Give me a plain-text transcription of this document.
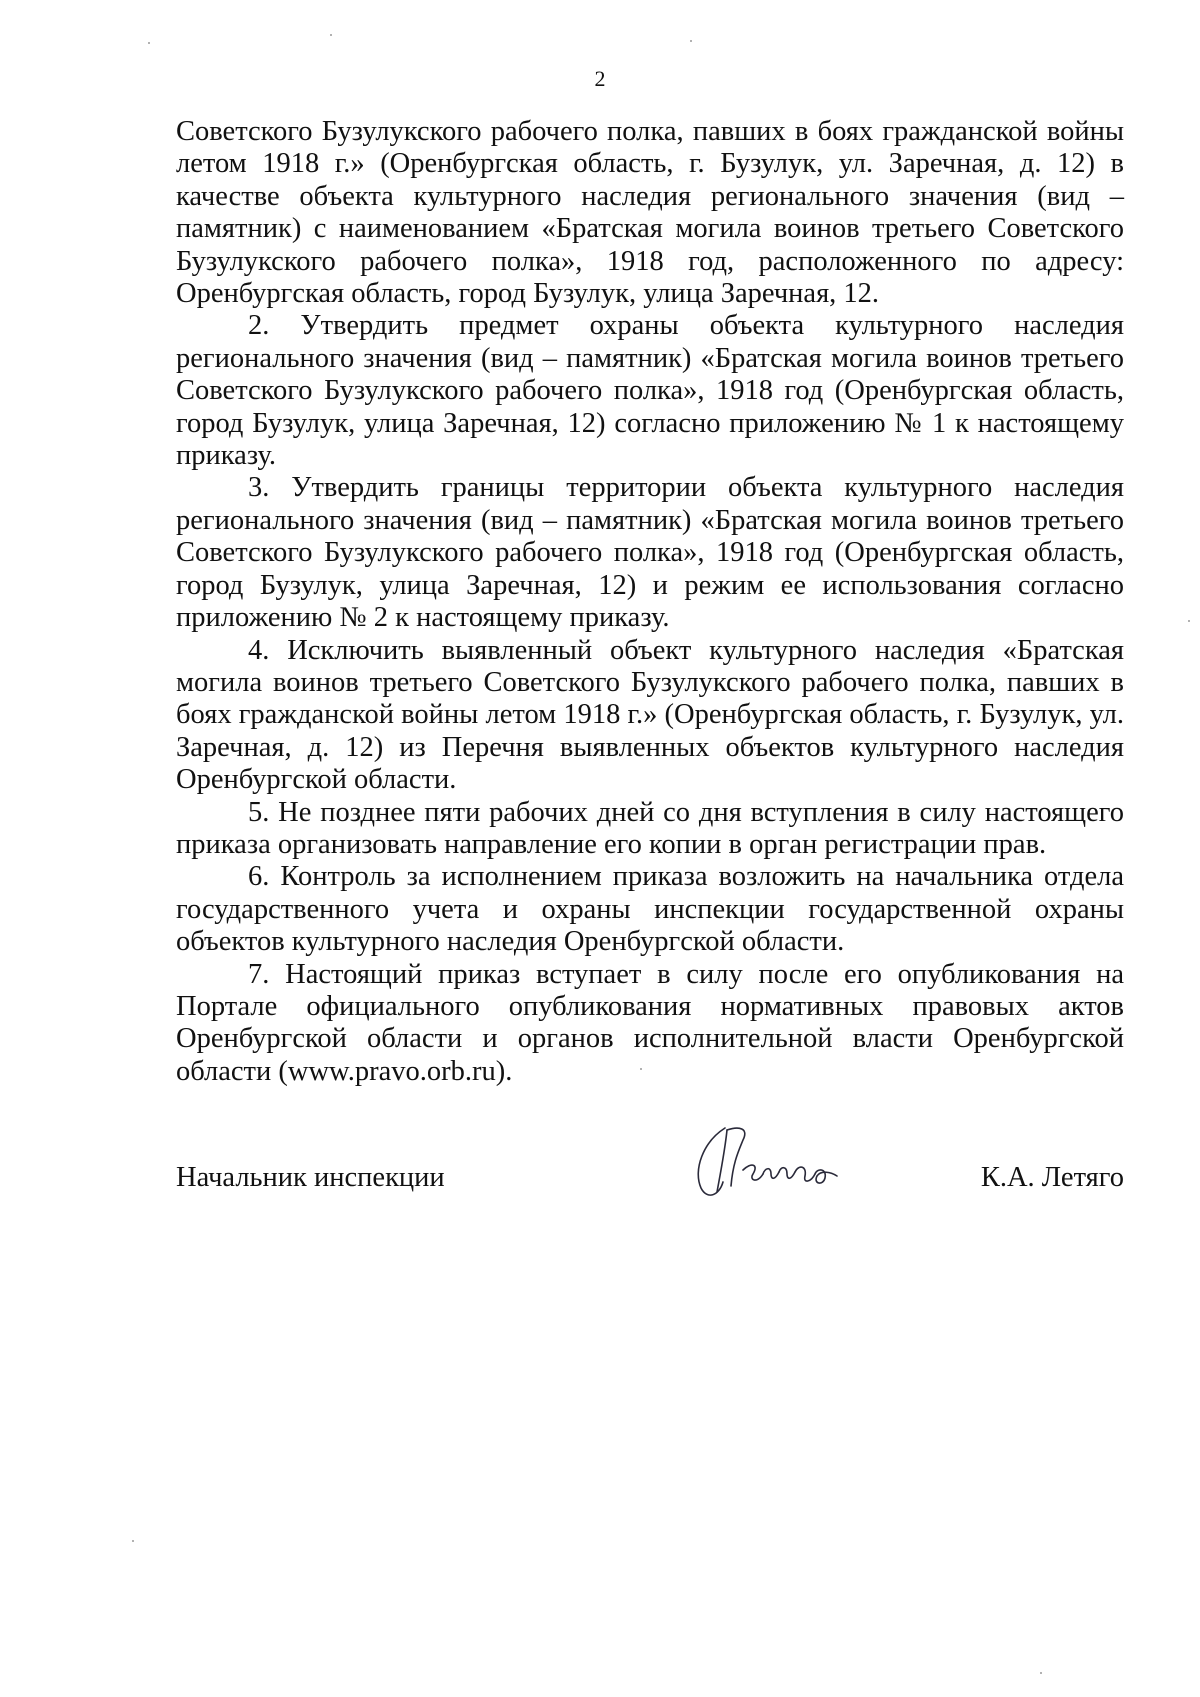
2

Советского Бузулукского рабочего полка, павших в боях гражданской войны летом 1918 г.» (Оренбургская область, г. Бузулук, ул. Заречная, д. 12) в качестве объекта культурного наследия регионального значения (вид – памятник) с наименованием «Братская могила воинов третьего Советского Бузулукского рабочего полка», 1918 год, расположенного по адресу: Оренбургская область, город Бузулук, улица Заречная, 12.

2. Утвердить предмет охраны объекта культурного наследия регионального значения (вид – памятник) «Братская могила воинов третьего Советского Бузулукского рабочего полка», 1918 год (Оренбургская область, город Бузулук, улица Заречная, 12) согласно приложению № 1 к настоящему приказу.

3. Утвердить границы территории объекта культурного наследия регионального значения (вид – памятник) «Братская могила воинов третьего Советского Бузулукского рабочего полка», 1918 год (Оренбургская область, город Бузулук, улица Заречная, 12) и режим ее использования согласно приложению № 2 к настоящему приказу.

4. Исключить выявленный объект культурного наследия «Братская могила воинов третьего Советского Бузулукского рабочего полка, павших в боях гражданской войны летом 1918 г.» (Оренбургская область, г. Бузулук, ул. Заречная, д. 12) из Перечня выявленных объектов культурного наследия Оренбургской области.

5. Не позднее пяти рабочих дней со дня вступления в силу настоящего приказа организовать направление его копии в орган регистрации прав.

6. Контроль за исполнением приказа возложить на начальника отдела государственного учета и охраны инспекции государственной охраны объектов культурного наследия Оренбургской области.

7. Настоящий приказ вступает в силу после его опубликования на Портале официального опубликования нормативных правовых актов Оренбургской области и органов исполнительной власти Оренбургской области (www.pravo.orb.ru).

Начальник инспекции	К.А. Летяго
